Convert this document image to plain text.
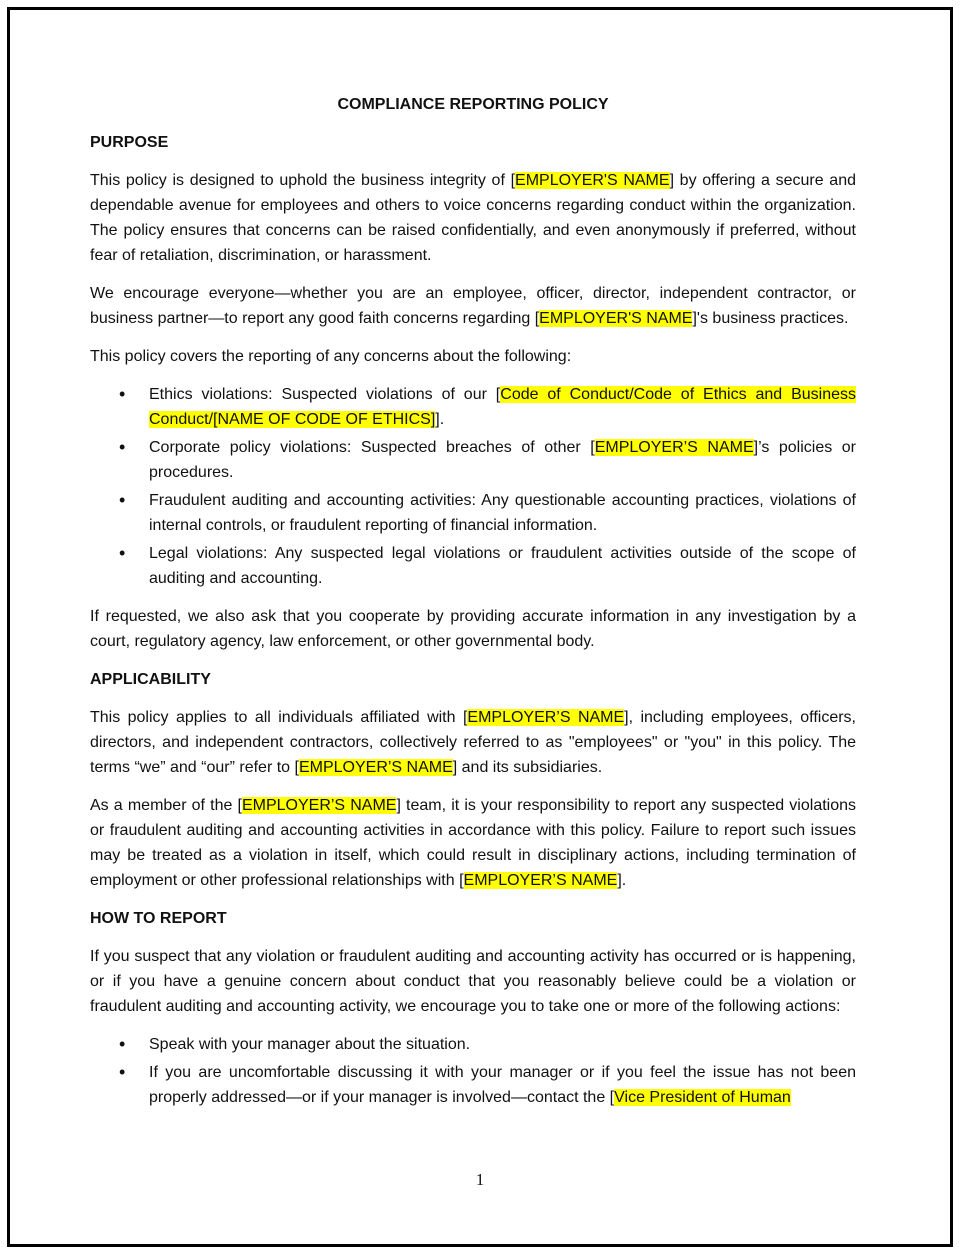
COMPLIANCE REPORTING POLICY
PURPOSE

This policy is designed to uphold the business integrity of [EMPLOYER'S NAME] by offering a secure and dependable avenue for employees and others to voice concerns regarding conduct within the organization. The policy ensures that concerns can be raised confidentially, and even anonymously if preferred, without fear of retaliation, discrimination, or harassment.

We encourage everyone—whether you are an employee, officer, director, independent contractor, or business partner—to report any good faith concerns regarding [EMPLOYER'S NAME]'s business practices.

This policy covers the reporting of any concerns about the following:

• Ethics violations: Suspected violations of our [Code of Conduct/Code of Ethics and Business Conduct/[NAME OF CODE OF ETHICS]].
• Corporate policy violations: Suspected breaches of other [EMPLOYER’S NAME]’s policies or procedures.
• Fraudulent auditing and accounting activities: Any questionable accounting practices, violations of internal controls, or fraudulent reporting of financial information.
• Legal violations: Any suspected legal violations or fraudulent activities outside of the scope of auditing and accounting.

If requested, we also ask that you cooperate by providing accurate information in any investigation by a court, regulatory agency, law enforcement, or other governmental body.

APPLICABILITY

This policy applies to all individuals affiliated with [EMPLOYER’S NAME], including employees, officers, directors, and independent contractors, collectively referred to as "employees" or "you" in this policy. The terms “we” and “our” refer to [EMPLOYER’S NAME] and its subsidiaries.

As a member of the [EMPLOYER’S NAME] team, it is your responsibility to report any suspected violations or fraudulent auditing and accounting activities in accordance with this policy. Failure to report such issues may be treated as a violation in itself, which could result in disciplinary actions, including termination of employment or other professional relationships with [EMPLOYER’S NAME].

HOW TO REPORT

If you suspect that any violation or fraudulent auditing and accounting activity has occurred or is happening, or if you have a genuine concern about conduct that you reasonably believe could be a violation or fraudulent auditing and accounting activity, we encourage you to take one or more of the following actions:

• Speak with your manager about the situation.
• If you are uncomfortable discussing it with your manager or if you feel the issue has not been properly addressed—or if your manager is involved—contact the [Vice President of Human
1
